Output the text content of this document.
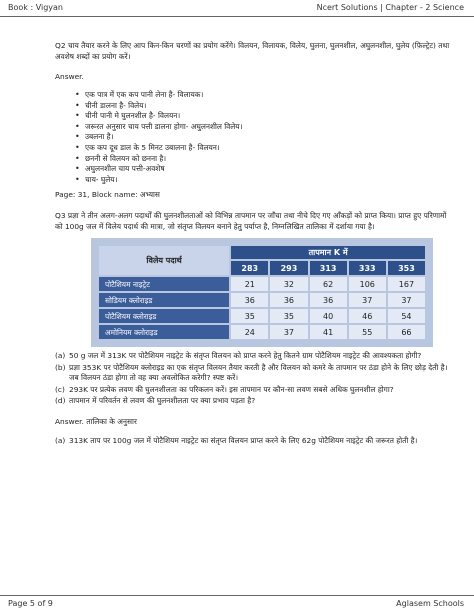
Book : Vigyan	Ncert Solutions | Chapter - 2 Science

Q2 चाय तैयार करने के लिए आप किन-किन चरणों का प्रयोग करेंगे। विलयन, विलायक, विलेय, घुलना, घुलनशील, अघुलनशील, घुलेय (फ़िल्ट्रेट) तथा अवशेष शब्दों का प्रयोग करें।

Answer.

• एक पात्र में एक कप पानी लेना है- विलायक।
• चीनी डालना है- विलेय।
• चीनी पानी मे घुलनशील है- विलयन।
• जरूरत अनुसार चाय पत्ती डालना होगा- अघुलनशील विलेय।
• उबलना है।
• एक कप दूध डाल के 5 मिनट उबालना है- विलयन।
• छननी से विलयन को छनना है।
• अघुलनशील चाय पत्ती-अवशेष
• चाय- घुलेय।

Page: 31, Block name: अभ्यास

Q3 प्रज्ञा ने तीन अलग-अलग पदार्थों की घुलनशीलताओं को विभिन्न तापमान पर जाँचा तथा नीचे दिए गए आँकड़ों को प्राप्त किया। प्राप्त हुए परिणामों को 100g जल में विलेय पदार्थ की मात्रा, जो संतृप्त विलयन बनाने हेतु पर्याप्त है, निम्नलिखित तालिका में दर्शाया गया है।

विलेय पदार्थ	तापमान K में				
	283	293	313	333	353
पोटैशियम नाइट्रेट	21	32	62	106	167
सोडियम क्लोराइड	36	36	36	37	37
पोटैशियम क्लोराइड	35	35	40	46	54
अमोनियम क्लोराइड	24	37	41	55	66
(a) 50 g जल में 313K पर पोटैशियम नाइट्रेट के संतृप्त विलयन को प्राप्त करने हेतु कितने ग्राम पोटैशियम नाइट्रेट की आवश्यकता होगी?
(b) प्रज्ञा 353K पर पोटैशियम क्लोराइड का एक संतृप्त विलयन तैयार करती है और विलयन को कमरे के तापमान पर ठंडा होने के लिए छोड़ देती है। जब विलयन ठंडा होगा तो वह क्या अवलोकित करेगी? स्पष्ट करें।
(c) 293K पर प्रत्येक लवण की घुलनशीलता का परिकलन करें। इस तापमान पर कौन-सा लवण सबसे अधिक घुलनशील होगा?
(d) तापमान में परिवर्तन से लवण की घुलनशीलता पर क्या प्रभाव पड़ता है?

Answer. तालिका के अनुसार

(a) 313K ताप पर 100g जल में पोटैशियम नाइट्रेट का संतृप्त विलयन प्राप्त करने के लिए 62g पोटैशियम नाइट्रेट की जरूरत होती है।
Page 5 of 9	Aglasem Schools
